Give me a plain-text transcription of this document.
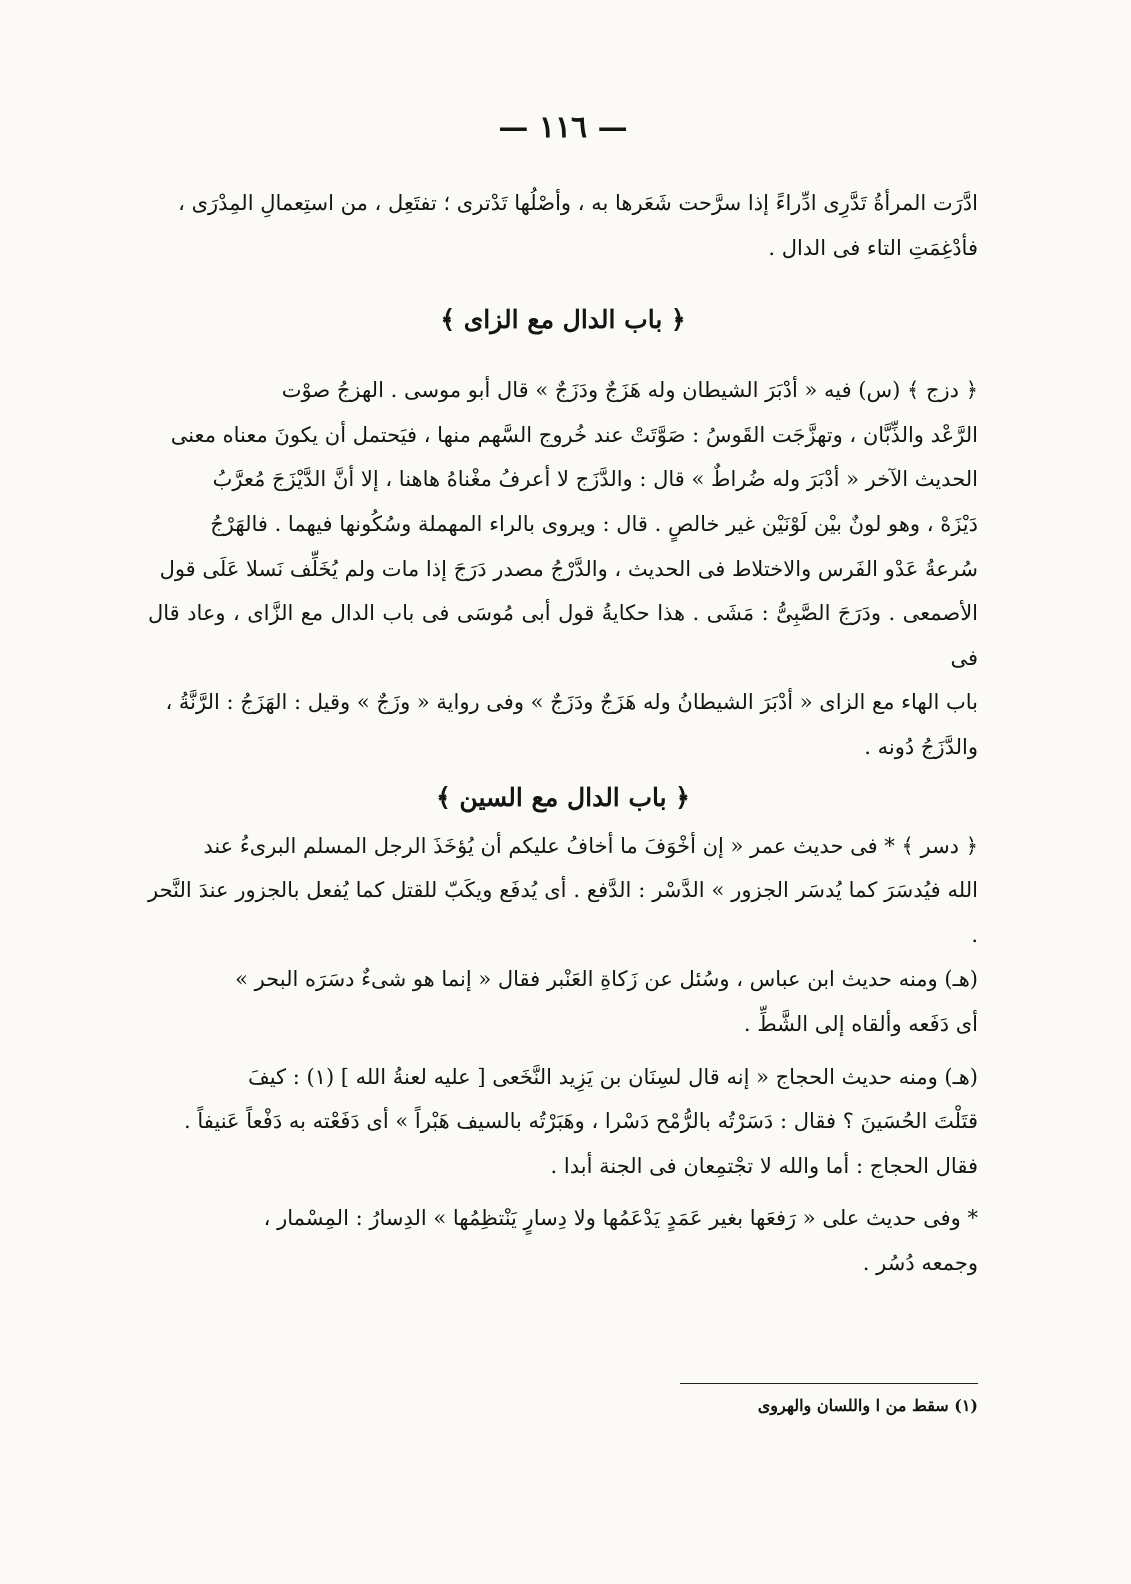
— ١١٦ —
ادَّرَت المرأةُ تَدَّرِى ادِّراءً إذا سرَّحت شَعَرها به ، وأصْلُها تَدْترى ؛ تفتَعِل ، من استِعمالِ المِدْرَى ،
فأدْغِمَتِ التاء فى الدال .
﴿ باب الدال مع الزاى ﴾
﴿ دزج ﴾ (س) فيه « أدْبَرَ الشيطان وله هَزَجٌ ودَزَجٌ » قال أبو موسى . الهزجُ صوْت
الرَّعْد والذِّبَّان ، وتهزَّجَت القَوسُ : صَوَّتَتْ عند خُروج السَّهم منها ، فيَحتمل أن يكونَ معناه معنى
الحديث الآخر « أدْبَرَ وله ضُراطٌ » قال : والدَّزَج لا أعرفُ مغْناهُ هاهنا ، إلا أنَّ الدَّيْزَجَ مُعرَّبُ
دَيْزَهْ ، وهو لونٌ بيْن لَوْنَيْن غير خالصٍ . قال : ويروى بالراء المهملة وسُكُونها فيهما . فالهَرْجُ
سُرعةُ عَدْو الفَرس والاختلاط فى الحديث ، والدَّرْجُ مصدر دَرَجَ إذا مات ولم يُخَلِّف نَسلا عَلَى قول
الأصمعى . ودَرَجَ الصَّبِىُّ : مَشَى . هذا حكايةُ قول أبى مُوسَى فى باب الدال مع الزَّاى ، وعاد قال فى
باب الهاء مع الزاى « أدْبَرَ الشيطانُ وله هَزَجٌ ودَزَجٌ » وفى رواية « وزَجٌ » وقيل : الهَزَجُ : الرَّنَّةُ ،
والدَّزَجُ دُونه .
﴿ باب الدال مع السين ﴾
﴿ دسر ﴾ * فى حديث عمر « إن أخْوَفَ ما أخافُ عليكم أن يُؤخَذَ الرجل المسلم البرىءُ عند
الله فيُدسَرَ كما يُدسَر الجزور » الدَّسْر : الدَّفع . أى يُدفَع ويكَبّ للقتل كما يُفعل بالجزور عندَ النَّحر .
(هـ) ومنه حديث ابن عباس ، وسُئل عن زَكاةِ العَنْبر فقال « إنما هو شىءٌ دسَرَه البحر »
أى دَفَعه وألقاه إلى الشَّطِّ .
(هـ) ومنه حديث الحجاج « إنه قال لسِنَان بن يَزِيد النَّخَعى [ عليه لعنةُ الله ] (١) : كيفَ
قتَلْتَ الحُسَينَ ؟ فقال : دَسَرْتُه بالرُّمْح دَسْرا ، وهَبَرْتُه بالسيف هَبْراً » أى دَفَعْته به دَفْعاً عَنيفاً .
فقال الحجاج : أما والله لا تجْتمِعان فى الجنة أبدا .
* وفى حديث على « رَفعَها بغير عَمَدٍ يَدْعَمُها ولا دِسارٍ يَنْتظِمُها » الدِسارُ : المِسْمار ،
وجمعه دُسُر .
(١) سقط من ا واللسان والهروى
